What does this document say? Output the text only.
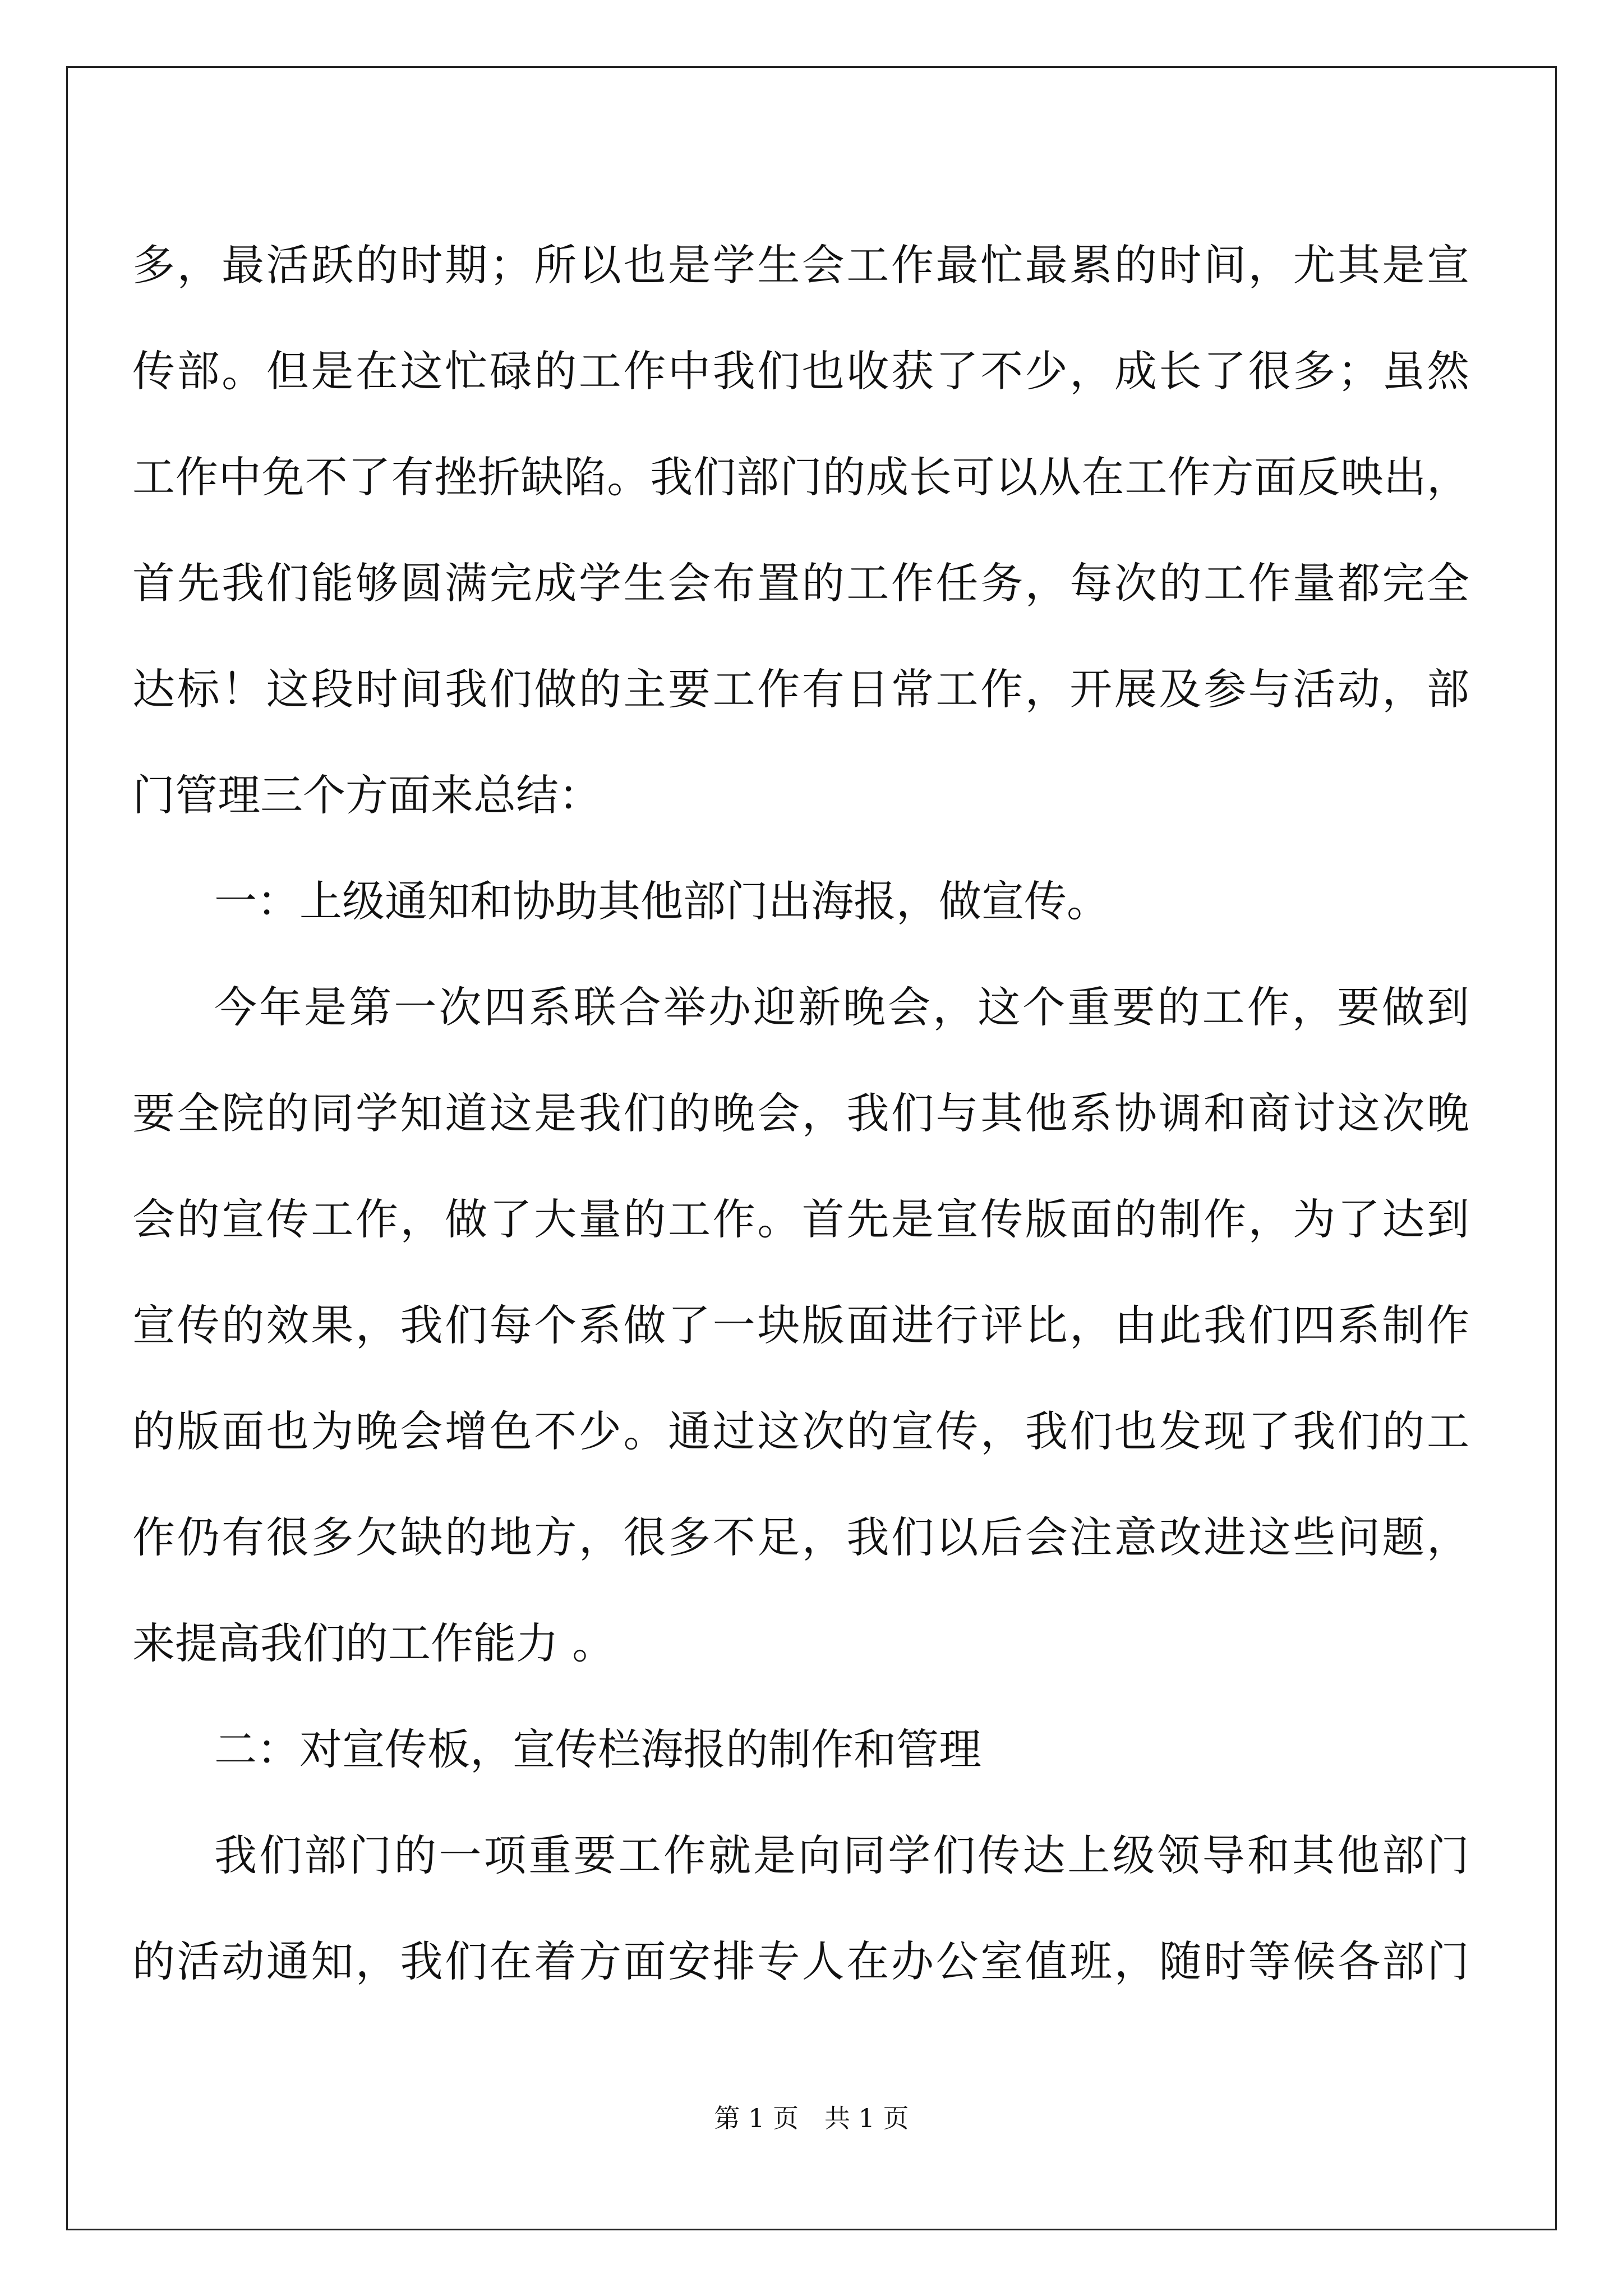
多，最活跃的时期；所以也是学生会工作最忙最累的时间，尤其是宣
传部。但是在这忙碌的工作中我们也收获了不少，成长了很多；虽然
工作中免不了有挫折缺陷。我们部门的成长可以从在工作方面反映出，
首先我们能够圆满完成学生会布置的工作任务，每次的工作量都完全
达标！这段时间我们做的主要工作有日常工作，开展及参与活动，部
门管理三个方面来总结：
一：上级通知和协助其他部门出海报，做宣传。
今年是第一次四系联合举办迎新晚会，这个重要的工作，要做到
要全院的同学知道这是我们的晚会，我们与其他系协调和商讨这次晚
会的宣传工作，做了大量的工作。首先是宣传版面的制作，为了达到
宣传的效果，我们每个系做了一块版面进行评比，由此我们四系制作
的版面也为晚会增色不少。通过这次的宣传，我们也发现了我们的工
作仍有很多欠缺的地方，很多不足，我们以后会注意改进这些问题，
来提高我们的工作能力 。
二：对宣传板，宣传栏海报的制作和管理
我们部门的一项重要工作就是向同学们传达上级领导和其他部门
的活动通知，我们在着方面安排专人在办公室值班，随时等候各部门
第 1 页　共 1 页
